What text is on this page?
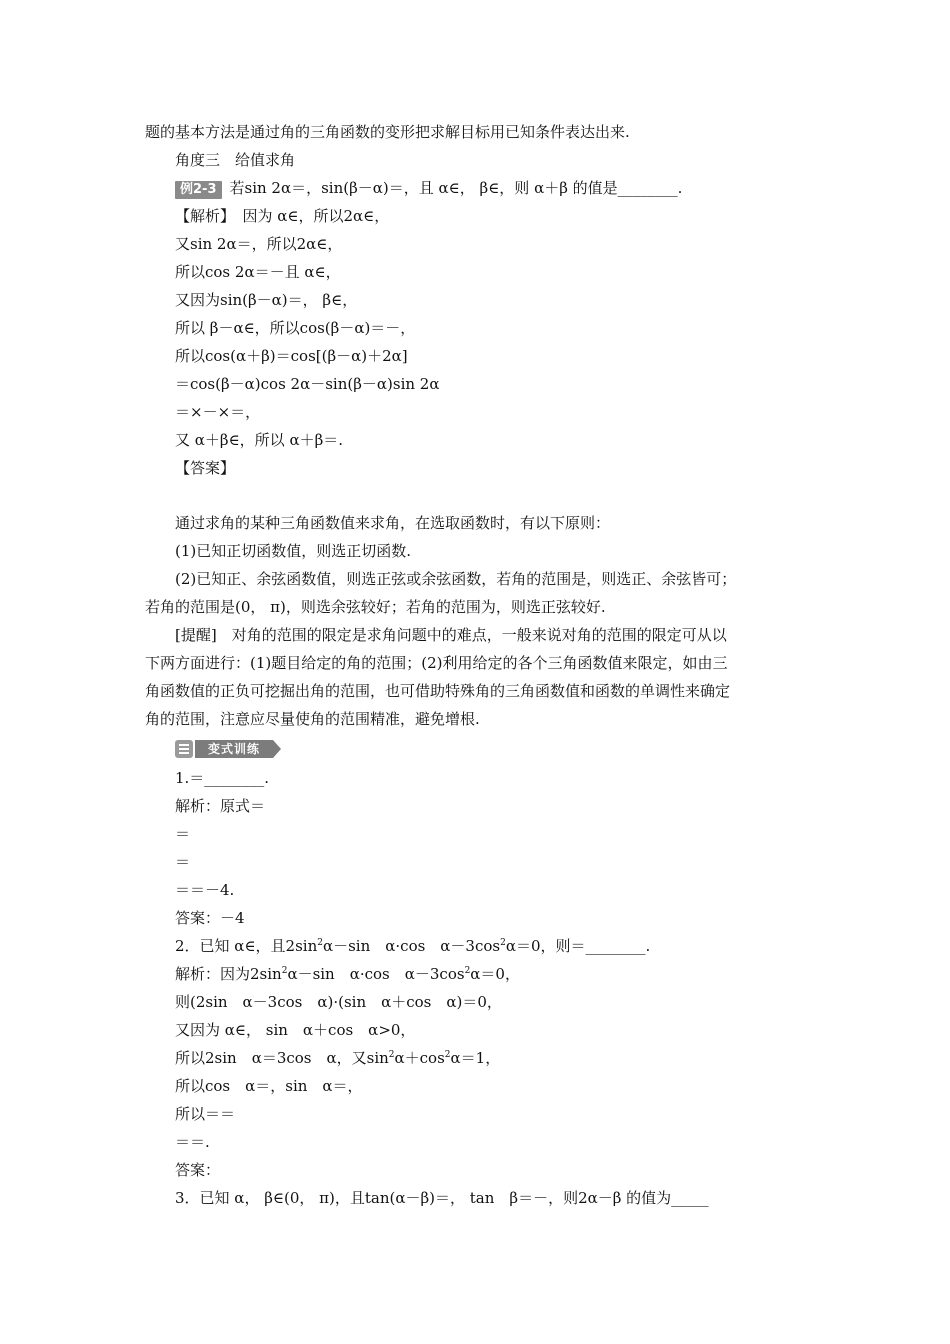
题的基本方法是通过角的三角函数的变形把求解目标用已知条件表达出来.
角度三　给值求角
例2-3 若sin 2α＝，sin(β－α)＝，且 α∈， β∈，则 α＋β 的值是________.
【解析】　因为 α∈，所以2α∈，
又sin 2α＝，所以2α∈，
所以cos 2α＝－且 α∈，
又因为sin(β－α)＝， β∈，
所以 β－α∈，所以cos(β－α)＝－，
所以cos(α＋β)＝cos[(β－α)＋2α]
＝cos(β－α)cos 2α－sin(β－α)sin 2α
＝×－×＝，
又 α＋β∈，所以 α＋β＝.
【答案】
通过求角的某种三角函数值来求角，在选取函数时，有以下原则：
(1)已知正切函数值，则选正切函数.
(2)已知正、余弦函数值，则选正弦或余弦函数，若角的范围是，则选正、余弦皆可；
若角的范围是(0， π)，则选余弦较好；若角的范围为，则选正弦较好.
[提醒]　对角的范围的限定是求角问题中的难点，一般来说对角的范围的限定可从以
下两方面进行：(1)题目给定的角的范围；(2)利用给定的各个三角函数值来限定，如由三
角函数值的正负可挖掘出角的范围，也可借助特殊角的三角函数值和函数的单调性来确定
角的范围，注意应尽量使角的范围精准，避免增根.
变式训练
1.＝________.
解析：原式＝
＝
＝
＝＝－4.
答案：－4
2．已知 α∈，且$2\sin^2\alpha-\sin$　α·cos　$\alpha-3\cos^2\alpha=0$，则＝________.
解析：因为$2\sin^2\alpha-\sin$　α·cos　$\alpha-3\cos^2\alpha=0$，
则(2sin　α－3cos　α)·(sin　α＋cos　α)＝0，
又因为 α∈， sin　α＋cos　α>0，
所以2sin　α＝3cos　α，又$\sin^2\alpha+\cos^2\alpha=1$，
所以cos　α＝，sin　α＝，
所以＝＝
＝＝.
答案：
3．已知 α， β∈(0， π)，且tan(α－β)＝， tan　β＝－，则2α－β 的值为_____
